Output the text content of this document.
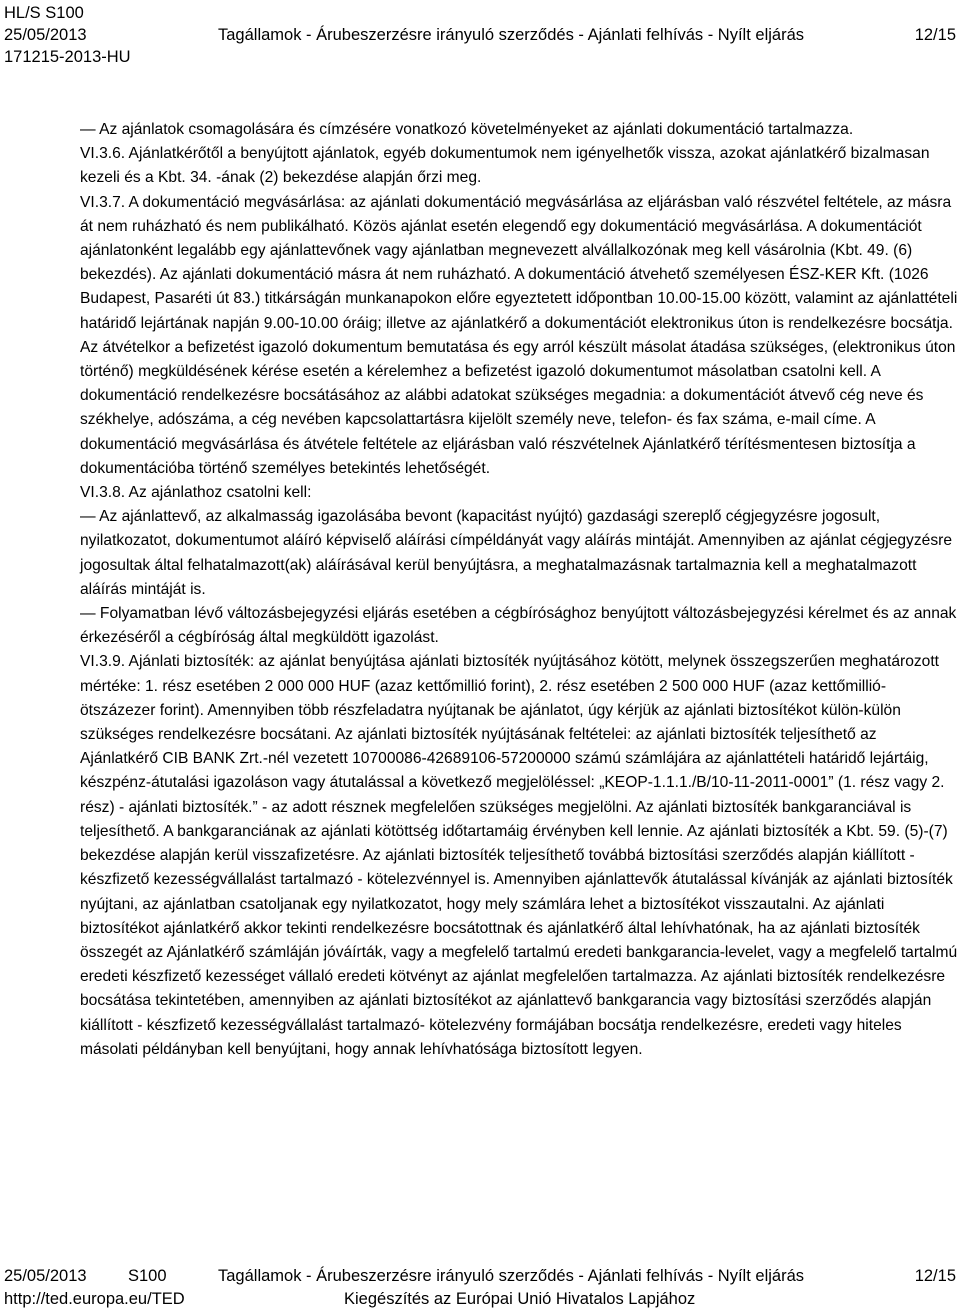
HL/S S100
25/05/2013	Tagállamok - Árubeszerzésre irányuló szerződés - Ajánlati felhívás - Nyílt eljárás	12/15
171215-2013-HU

— Az ajánlatok csomagolására és címzésére vonatkozó követelményeket az ajánlati dokumentáció tartalmazza.

VI.3.6. Ajánlatkérőtől a benyújtott ajánlatok, egyéb dokumentumok nem igényelhetők vissza, azokat ajánlatkérő bizalmasan kezeli és a Kbt. 34. -ának (2) bekezdése alapján őrzi meg.

VI.3.7. A dokumentáció megvásárlása: az ajánlati dokumentáció megvásárlása az eljárásban való részvétel feltétele, az másra át nem ruházható és nem publikálható. Közös ajánlat esetén elegendő egy dokumentáció megvásárlása. A dokumentációt ajánlatonként legalább egy ajánlattevőnek vagy ajánlatban megnevezett alvállalkozónak meg kell vásárolnia (Kbt. 49. (6) bekezdés). Az ajánlati dokumentáció másra át nem ruházható. A dokumentáció átvehető személyesen ÉSZ-KER Kft. (1026 Budapest, Pasaréti út 83.) titkárságán munkanapokon előre egyeztetett időpontban 10.00-15.00 között, valamint az ajánlattételi határidő lejártának napján 9.00-10.00 óráig; illetve az ajánlatkérő a dokumentációt elektronikus úton is rendelkezésre bocsátja. Az átvételkor a befizetést igazoló dokumentum bemutatása és egy arról készült másolat átadása szükséges, (elektronikus úton történő) megküldésének kérése esetén a kérelemhez a befizetést igazoló dokumentumot másolatban csatolni kell. A dokumentáció rendelkezésre bocsátásához az alábbi adatokat szükséges megadnia: a dokumentációt átvevő cég neve és székhelye, adószáma, a cég nevében kapcsolattartásra kijelölt személy neve, telefon- és fax száma, e-mail címe. A dokumentáció megvásárlása és átvétele feltétele az eljárásban való részvételnek Ajánlatkérő térítésmentesen biztosítja a dokumentációba történő személyes betekintés lehetőségét.

VI.3.8. Az ajánlathoz csatolni kell:

— Az ajánlattevő, az alkalmasság igazolásába bevont (kapacitást nyújtó) gazdasági szereplő cégjegyzésre jogosult, nyilatkozatot, dokumentumot aláíró képviselő aláírási címpéldányát vagy aláírás mintáját. Amennyiben az ajánlat cégjegyzésre jogosultak által felhatalmazott(ak) aláírásával kerül benyújtásra, a meghatalmazásnak tartalmaznia kell a meghatalmazott aláírás mintáját is.

— Folyamatban lévő változásbejegyzési eljárás esetében a cégbírósághoz benyújtott változásbejegyzési kérelmet és az annak érkezéséről a cégbíróság által megküldött igazolást.

VI.3.9. Ajánlati biztosíték: az ajánlat benyújtása ajánlati biztosíték nyújtásához kötött, melynek összegszerűen meghatározott mértéke: 1. rész esetében 2 000 000 HUF (azaz kettőmillió forint), 2. rész esetében 2 500 000 HUF (azaz kettőmillió-ötszázezer forint). Amennyiben több részfeladatra nyújtanak be ajánlatot, úgy kérjük az ajánlati biztosítékot külön-külön szükséges rendelkezésre bocsátani. Az ajánlati biztosíték nyújtásának feltételei: az ajánlati biztosíték teljesíthető az Ajánlatkérő CIB BANK Zrt.-nél vezetett 10700086-42689106-57200000 számú számlájára az ajánlattételi határidő lejártáig, készpénz-átutalási igazoláson vagy átutalással a következő megjelöléssel: „KEOP-1.1.1./B/10-11-2011-0001” (1. rész vagy 2. rész) - ajánlati biztosíték.” - az adott résznek megfelelően szükséges megjelölni. Az ajánlati biztosíték bankgaranciával is teljesíthető. A bankgaranciának az ajánlati kötöttség időtartamáig érvényben kell lennie. Az ajánlati biztosíték a Kbt. 59. (5)-(7) bekezdése alapján kerül visszafizetésre. Az ajánlati biztosíték teljesíthető továbbá biztosítási szerződés alapján kiállított - készfizető kezességvállalást tartalmazó - kötelezvénnyel is. Amennyiben ajánlattevők átutalással kívánják az ajánlati biztosíték nyújtani, az ajánlatban csatoljanak egy nyilatkozatot, hogy mely számlára lehet a biztosítékot visszautalni. Az ajánlati biztosítékot ajánlatkérő akkor tekinti rendelkezésre bocsátottnak és ajánlatkérő által lehívhatónak, ha az ajánlati biztosíték összegét az Ajánlatkérő számláján jóváírták, vagy a megfelelő tartalmú eredeti bankgarancia-levelet, vagy a megfelelő tartalmú eredeti készfizető kezességet vállaló eredeti kötvényt az ajánlat megfelelően tartalmazza. Az ajánlati biztosíték rendelkezésre bocsátása tekintetében, amennyiben az ajánlati biztosítékot az ajánlattevő bankgarancia vagy biztosítási szerződés alapján kiállított - készfizető kezességvállalást tartalmazó- kötelezvény formájában bocsátja rendelkezésre, eredeti vagy hiteles másolati példányban kell benyújtani, hogy annak lehívhatósága biztosított legyen.

25/05/2013	S100	Tagállamok - Árubeszerzésre irányuló szerződés - Ajánlati felhívás - Nyílt eljárás	12/15
http://ted.europa.eu/TED	Kiegészítés az Európai Unió Hivatalos Lapjához
